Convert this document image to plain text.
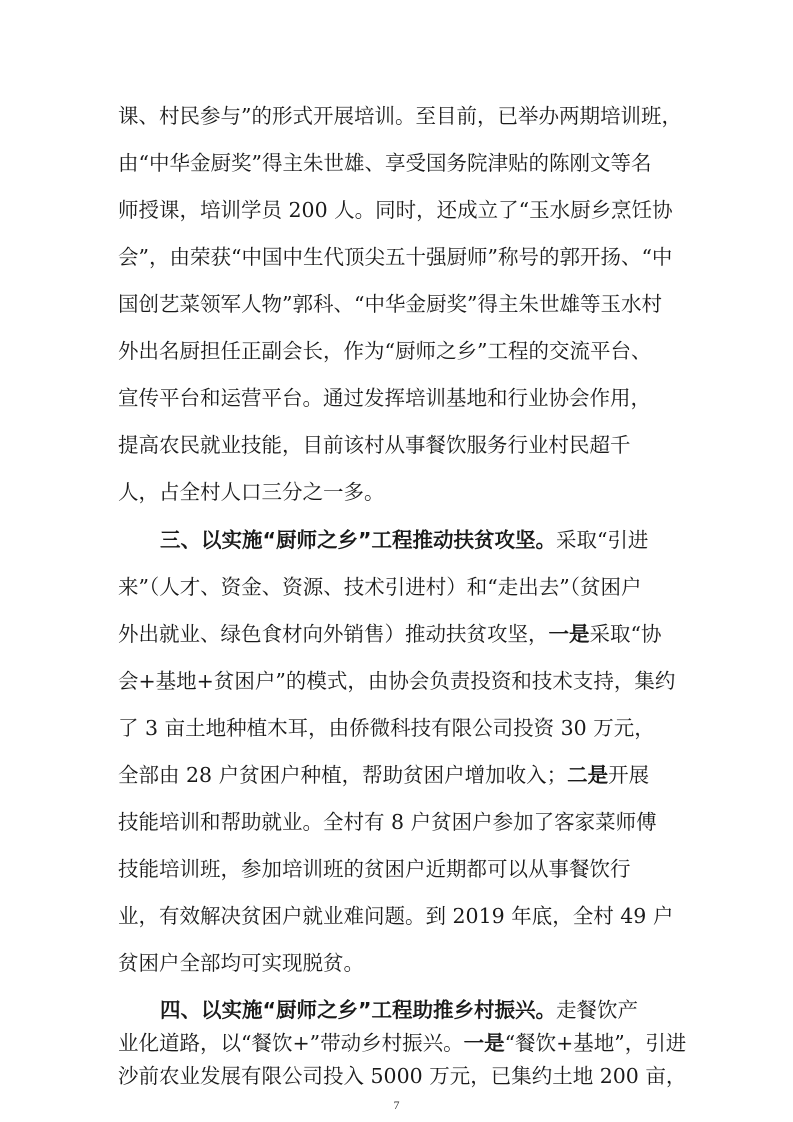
课、村民参与”的形式开展培训。至目前，已举办两期培训班，
由“中华金厨奖”得主朱世雄、享受国务院津贴的陈刚文等名
师授课，培训学员 200 人。同时，还成立了“玉水厨乡烹饪协
会”，由荣获“中国中生代顶尖五十强厨师”称号的郭开扬、“中
国创艺菜领军人物”郭科、“中华金厨奖”得主朱世雄等玉水村
外出名厨担任正副会长，作为“厨师之乡”工程的交流平台、
宣传平台和运营平台。通过发挥培训基地和行业协会作用，
提高农民就业技能，目前该村从事餐饮服务行业村民超千
人，占全村人口三分之一多。
三、以实施“厨师之乡”工程推动扶贫攻坚。采取“引进
来”（人才、资金、资源、技术引进村）和“走出去”（贫困户
外出就业、绿色食材向外销售）推动扶贫攻坚，一是采取“协
会+基地+贫困户”的模式，由协会负责投资和技术支持，集约
了 3 亩土地种植木耳，由侨微科技有限公司投资 30 万元，
全部由 28 户贫困户种植，帮助贫困户增加收入；二是开展
技能培训和帮助就业。全村有 8 户贫困户参加了客家菜师傅
技能培训班，参加培训班的贫困户近期都可以从事餐饮行
业，有效解决贫困户就业难问题。到 2019 年底，全村 49 户
贫困户全部均可实现脱贫。
四、以实施“厨师之乡”工程助推乡村振兴。走餐饮产
业化道路，以“餐饮+”带动乡村振兴。一是“餐饮+基地”，引进
沙前农业发展有限公司投入 5000 万元，已集约土地 200 亩，
7
